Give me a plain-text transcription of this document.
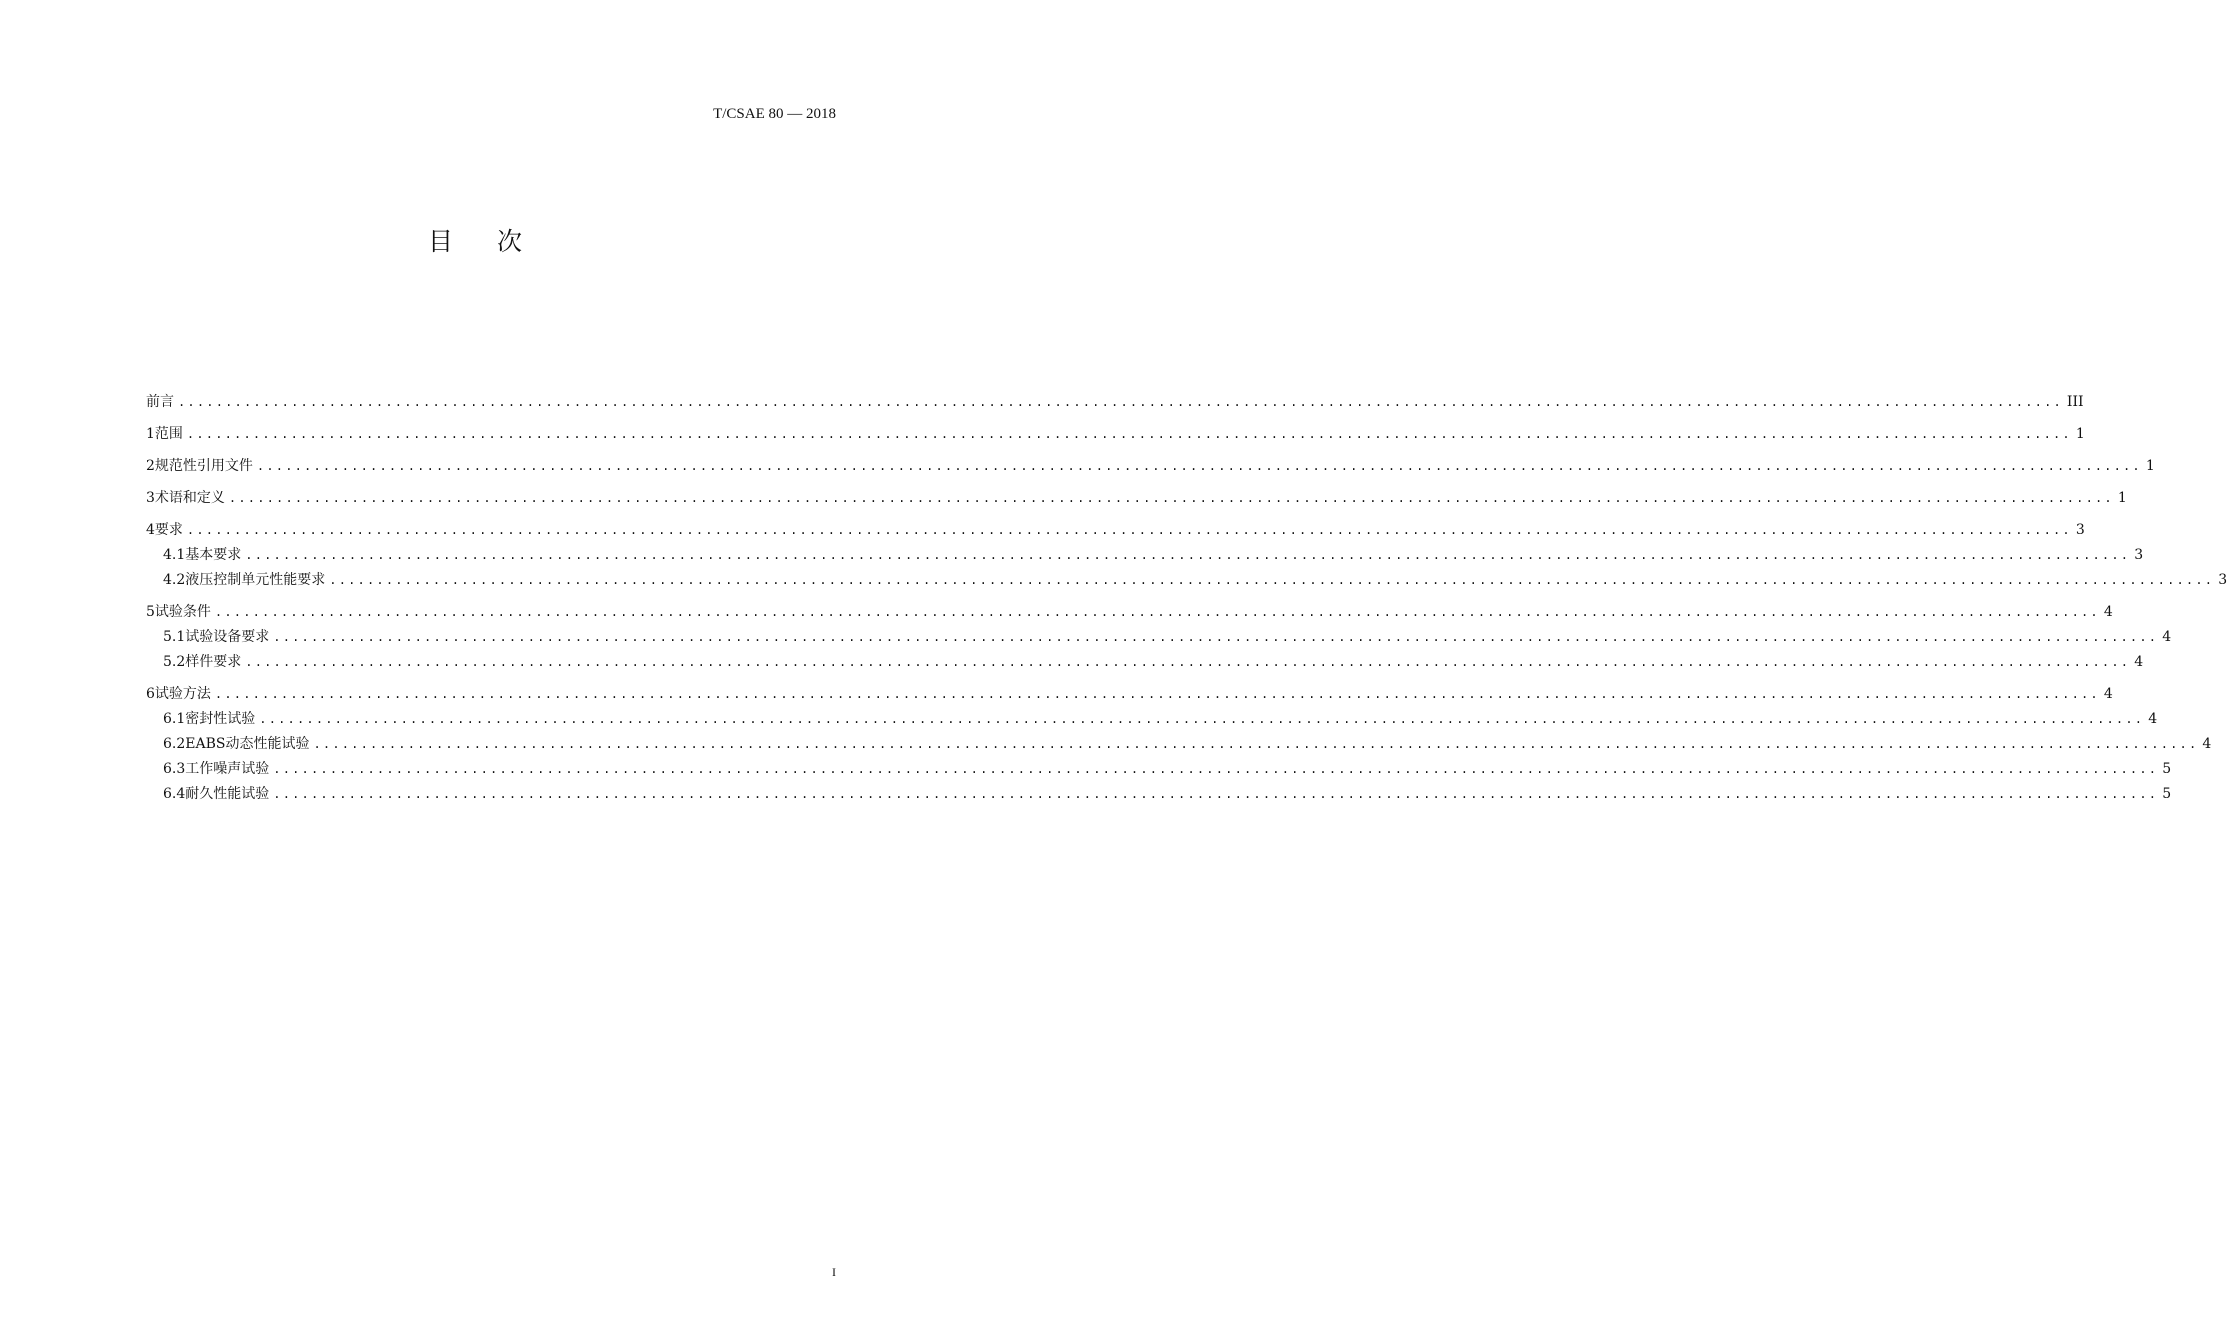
T/CSAE 80 — 2018
目 次
前言 ........................................................................................................................................................................................................ III
1 范围 ........................................................................................................................................................................................................ 1
2 规范性引用文件 ........................................................................................................................................................................................................ 1
3 术语和定义 ........................................................................................................................................................................................................ 1
4 要求 ........................................................................................................................................................................................................ 3
4.1 基本要求 ........................................................................................................................................................................................................ 3
4.2 液压控制单元性能要求 ........................................................................................................................................................................................................ 3
5 试验条件 ........................................................................................................................................................................................................ 4
5.1 试验设备要求 ........................................................................................................................................................................................................ 4
5.2 样件要求 ........................................................................................................................................................................................................ 4
6 试验方法 ........................................................................................................................................................................................................ 4
6.1 密封性试验 ........................................................................................................................................................................................................ 4
6.2 EABS动态性能试验 ........................................................................................................................................................................................................ 4
6.3 工作噪声试验 ........................................................................................................................................................................................................ 5
6.4 耐久性能试验 ........................................................................................................................................................................................................ 5
I
